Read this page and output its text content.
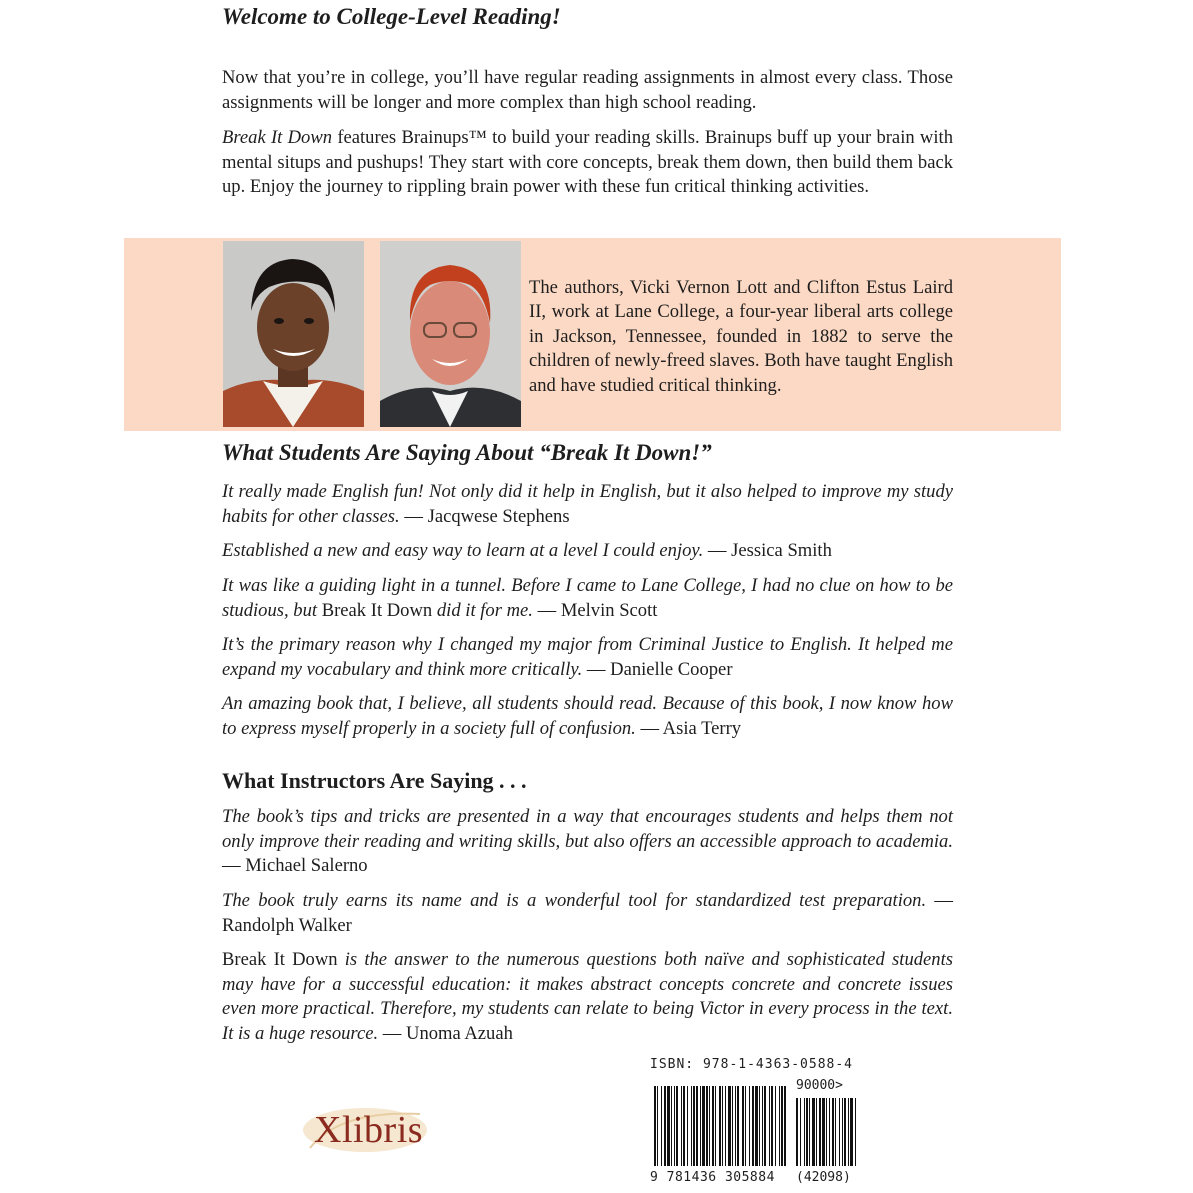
Welcome to College-Level Reading!

Now that you’re in college, you’ll have regular reading assignments in almost every class. Those assignments will be longer and more complex than high school reading.

Break It Down features Brainups™ to build your reading skills. Brainups buff up your brain with mental situps and pushups! They start with core concepts, break them down, then build them back up. Enjoy the journey to rippling brain power with these fun critical thinking activities.

The authors, Vicki Vernon Lott and Clifton Estus Laird II, work at Lane College, a four-year liberal arts college in Jackson, Tennessee, founded in 1882 to serve the children of newly-freed slaves. Both have taught English and have studied critical thinking.
What Students Are Saying About “Break It Down!”

It really made English fun! Not only did it help in English, but it also helped to improve my study habits for other classes. — Jacqwese Stephens

Established a new and easy way to learn at a level I could enjoy. — Jessica Smith

It was like a guiding light in a tunnel. Before I came to Lane College, I had no clue on how to be studious, but Break It Down did it for me. — Melvin Scott

It’s the primary reason why I changed my major from Criminal Justice to English. It helped me expand my vocabulary and think more critically. — Danielle Cooper

An amazing book that, I believe, all students should read. Because of this book, I now know how to express myself properly in a society full of confusion. — Asia Terry

What Instructors Are Saying . . .

The book’s tips and tricks are presented in a way that encourages students and helps them not only improve their reading and writing skills, but also offers an accessible approach to academia. — Michael Salerno

The book truly earns its name and is a wonderful tool for standardized test preparation. — Randolph Walker

Break It Down is the answer to the numerous questions both naïve and sophisticated students may have for a successful education: it makes abstract concepts concrete and concrete issues even more practical. Therefore, my students can relate to being Victor in every process in the text. It is a huge resource. — Unoma Azuah

Xlibris
ISBN: 978-1-4363-0588-4
90000>
9 781436 305884 (42098)
